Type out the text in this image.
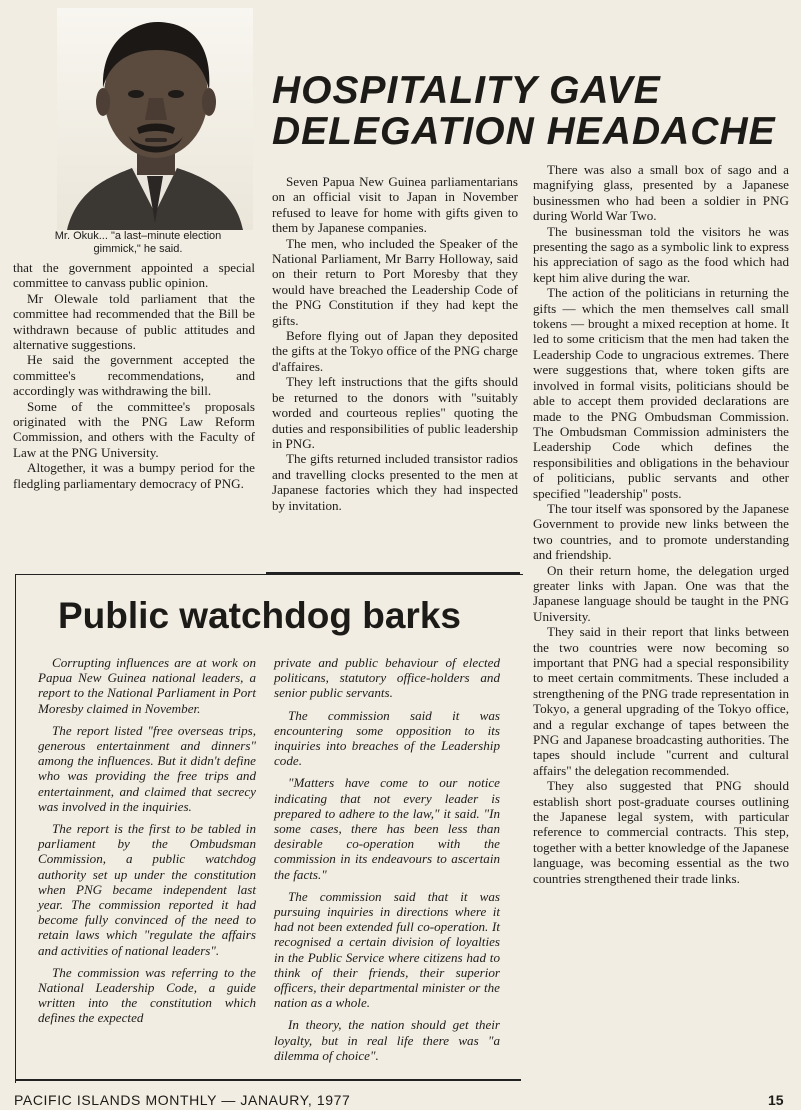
Mr. Okuk... "a last–minute election
gimmick," he said.
HOSPITALITY GAVE
DELEGATION HEADACHE

that the government appointed a special committee to canvass public opinion.

Mr Olewale told parliament that the committee had recommended that the Bill be withdrawn because of public attitudes and alternative suggestions.

He said the government accepted the committee's recommendations, and accordingly was withdrawing the bill.

Some of the committee's proposals originated with the PNG Law Reform Commission, and others with the Faculty of Law at the PNG University.

Altogether, it was a bumpy period for the fledgling parliamentary democracy of PNG.

Seven Papua New Guinea parliamentarians on an official visit to Japan in November refused to leave for home with gifts given to them by Japanese companies.

The men, who included the Speaker of the National Parliament, Mr Barry Holloway, said on their return to Port Moresby that they would have breached the Leadership Code of the PNG Constitution if they had kept the gifts.

Before flying out of Japan they deposited the gifts at the Tokyo office of the PNG charge d'affaires.

They left instructions that the gifts should be returned to the donors with "suitably worded and courteous replies" quoting the duties and responsibilities of public leadership in PNG.

The gifts returned included transistor radios and travelling clocks presented to the men at Japanese factories which they had inspected by invitation.

There was also a small box of sago and a magnifying glass, presented by a Japanese businessmen who had been a soldier in PNG during World War Two.

The businessman told the visitors he was presenting the sago as a symbolic link to express his appreciation of sago as the food which had kept him alive during the war.

The action of the politicians in returning the gifts — which the men themselves call small tokens — brought a mixed reception at home. It led to some criticism that the men had taken the Leadership Code to ungracious extremes. There were suggestions that, where token gifts are involved in formal visits, politicians should be able to accept them provided declarations are made to the PNG Ombudsman Commission. The Ombudsman Commission administers the Leadership Code which defines the responsibilities and obligations in the behaviour of politicians, public servants and other specified "leadership" posts.

The tour itself was sponsored by the Japanese Government to provide new links between the two countries, and to promote understanding and friendship.

On their return home, the delegation urged greater links with Japan. One was that the Japanese language should be taught in the PNG University.

They said in their report that links between the two countries were now becoming so important that PNG had a special responsibility to meet certain commitments. These included a strengthening of the PNG trade representation in Tokyo, a general upgrading of the Tokyo office, and a regular exchange of tapes between the PNG and Japanese broadcasting authorities. The tapes should include "current and cultural affairs" the delegation recommended.

They also suggested that PNG should establish short post-graduate courses outlining the Japanese legal system, with particular reference to commercial contracts. This step, together with a better knowledge of the Japanese language, was becoming essential as the two countries strengthened their trade links.

Public watchdog barks

Corrupting influences are at work on Papua New Guinea national leaders, a report to the National Parliament in Port Moresby claimed in November.

The report listed "free overseas trips, generous entertainment and dinners" among the influences. But it didn't define who was providing the free trips and entertainment, and claimed that secrecy was involved in the inquiries.

The report is the first to be tabled in parliament by the Ombudsman Commission, a public watchdog authority set up under the constitution when PNG became independent last year. The commission reported it had become fully convinced of the need to retain laws which "regulate the affairs and activities of national leaders".

The commission was referring to the National Leadership Code, a guide written into the constitution which defines the expected

private and public behaviour of elected politicans, statutory office-holders and senior public servants.

The commission said it was encountering some opposition to its inquiries into breaches of the Leadership code.

"Matters have come to our notice indicating that not every leader is prepared to adhere to the law," it said. "In some cases, there has been less than desirable co-operation with the commission in its endeavours to ascertain the facts."

The commission said that it was pursuing inquiries in directions where it had not been extended full co-operation. It recognised a certain division of loyalties in the Public Service where citizens had to think of their friends, their superior officers, their departmental minister or the nation as a whole.

In theory, the nation should get their loyalty, but in real life there was "a dilemma of choice".

PACIFIC ISLANDS MONTHLY — JANAURY, 1977	15
